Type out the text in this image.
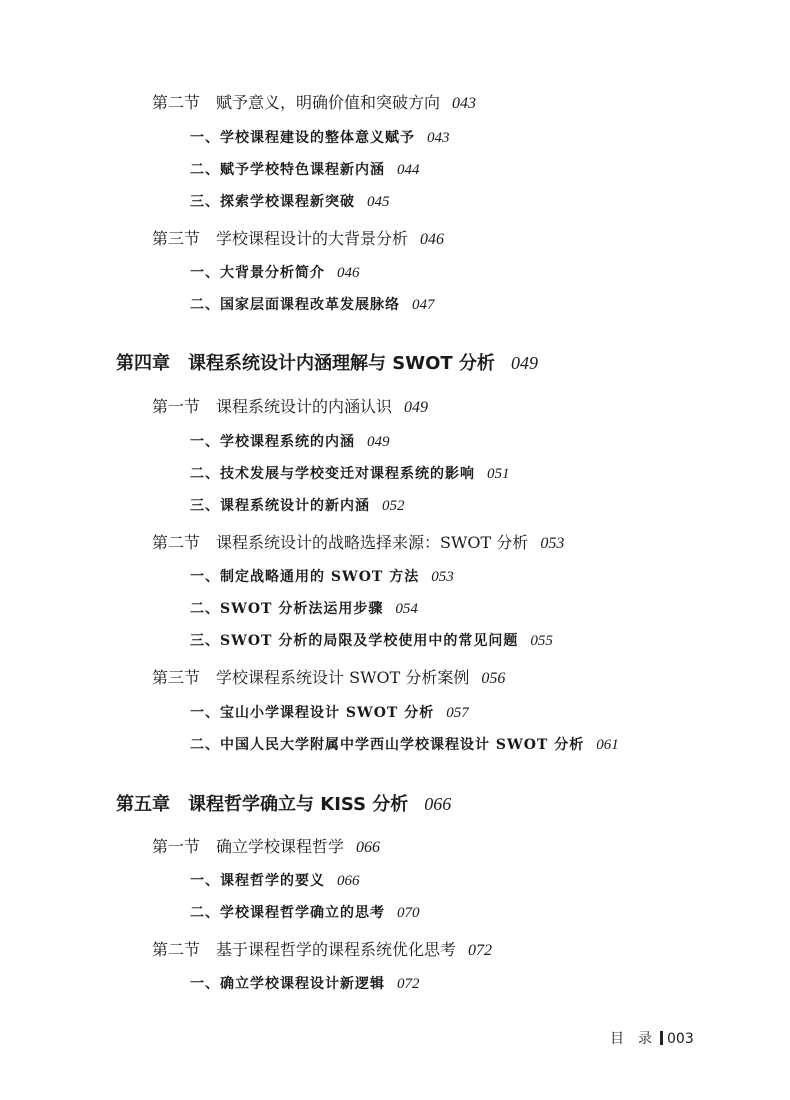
第二节 赋予意义，明确价值和突破方向 043
一、学校课程建设的整体意义赋予 043
二、赋予学校特色课程新内涵 044
三、探索学校课程新突破 045
第三节 学校课程设计的大背景分析 046
一、大背景分析简介 046
二、国家层面课程改革发展脉络 047
第四章　课程系统设计内涵理解与 SWOT 分析 049
第一节 课程系统设计的内涵认识 049
一、学校课程系统的内涵 049
二、技术发展与学校变迁对课程系统的影响 051
三、课程系统设计的新内涵 052
第二节 课程系统设计的战略选择来源：SWOT 分析 053
一、制定战略通用的 SWOT 方法 053
二、SWOT 分析法运用步骤 054
三、SWOT 分析的局限及学校使用中的常见问题 055
第三节 学校课程系统设计 SWOT 分析案例 056
一、宝山小学课程设计 SWOT 分析 057
二、中国人民大学附属中学西山学校课程设计 SWOT 分析 061
第五章　课程哲学确立与 KISS 分析 066
第一节 确立学校课程哲学 066
一、课程哲学的要义 066
二、学校课程哲学确立的思考 070
第二节 基于课程哲学的课程系统优化思考 072
一、确立学校课程设计新逻辑 072
目　录 003
